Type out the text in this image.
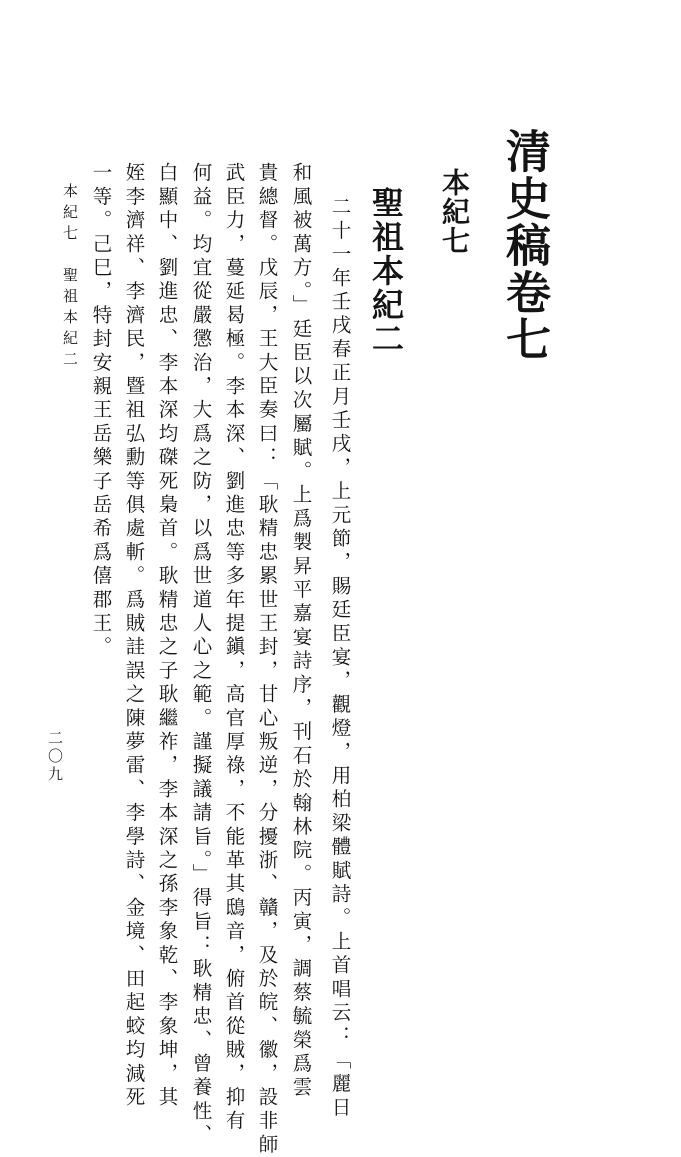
清史稿卷七
本紀七
聖祖本紀二
二十一年壬戌春正月壬戌，上元節，賜廷臣宴，觀燈，用柏梁體賦詩。上首唱云：「麗日
和風被萬方。」廷臣以次屬賦。上爲製昇平嘉宴詩序，刊石於翰林院。丙寅，調蔡毓榮爲雲
貴總督。戊辰，王大臣奏曰：「耿精忠累世王封，甘心叛逆，分擾浙、贛，及於皖、徽，設非師
武臣力，蔓延曷極。李本深、劉進忠等多年提鎭，高官厚祿，不能革其鴟音，俯首從賊，抑有
何益。均宜從嚴懲治，大爲之防，以爲世道人心之範。謹擬議請旨。」得旨：耿精忠、曾養性、
白顯中、劉進忠、李本深均磔死梟首。耿精忠之子耿繼祚，李本深之孫李象乾、李象坤，其
姪李濟祥、李濟民，暨祖弘勳等俱處斬。爲賊詿誤之陳夢雷、李學詩、金境、田起蛟均減死
一等。己巳，特封安親王岳樂子岳希爲僖郡王。
本紀七　聖祖本紀二
二〇九
